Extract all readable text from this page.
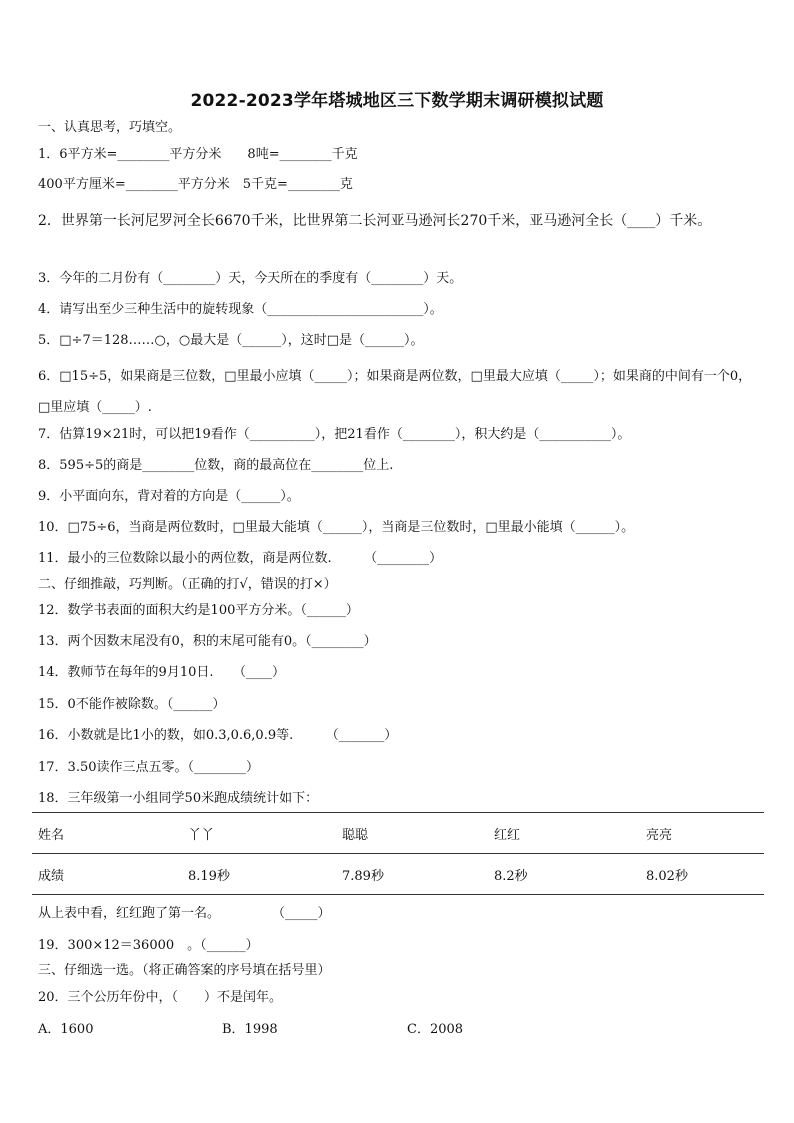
2022-2023学年塔城地区三下数学期末调研模拟试题
一、认真思考，巧填空。
1．6平方米=________平方分米　　8吨=________千克
400平方厘米=________平方分米　5千克=________克
2．世界第一长河尼罗河全长6670千米，比世界第二长河亚马逊河长270千米，亚马逊河全长（____）千米。
3．今年的二月份有（________）天，今天所在的季度有（________）天。
4．请写出至少三种生活中的旋转现象（________________________）。
5．□÷7＝128……○，○最大是（______），这时□是（______）。
6．□15÷5，如果商是三位数，□里最小应填（_____）；如果商是两位数，□里最大应填（_____）；如果商的中间有一个0，□里应填（_____）.
7．估算19×21时，可以把19看作（__________），把21看作（________），积大约是（___________）。
8．595÷5的商是________位数，商的最高位在________位上.
9．小平面向东，背对着的方向是（______）。
10．□75÷6，当商是两位数时，□里最大能填（______），当商是三位数时，□里最小能填（______）。
11．最小的三位数除以最小的两位数，商是两位数.　　　（________）
二、仔细推敲，巧判断。（正确的打√，错误的打×）
12．数学书表面的面积大约是100平方分米。（______）
13．两个因数末尾没有0，积的末尾可能有0。（________）
14．教师节在每年的9月10日.　　（____）
15．0不能作被除数。（______）
16．小数就是比1小的数，如0.3,0.6,0.9等.　　　（_______）
17．3.50读作三点五零。（________）
18．三年级第一小组同学50米跑成绩统计如下：
姓名	丫丫	聪聪	红红	亮亮
成绩	8.19秒	7.89秒	8.2秒	8.02秒
从上表中看，红红跑了第一名。　　　　　（_____）
19．300×12＝36000　。（______）
三、仔细选一选。（将正确答案的序号填在括号里）
20．三个公历年份中，（　　）不是闰年。
A．1600	B．1998	C．2008
